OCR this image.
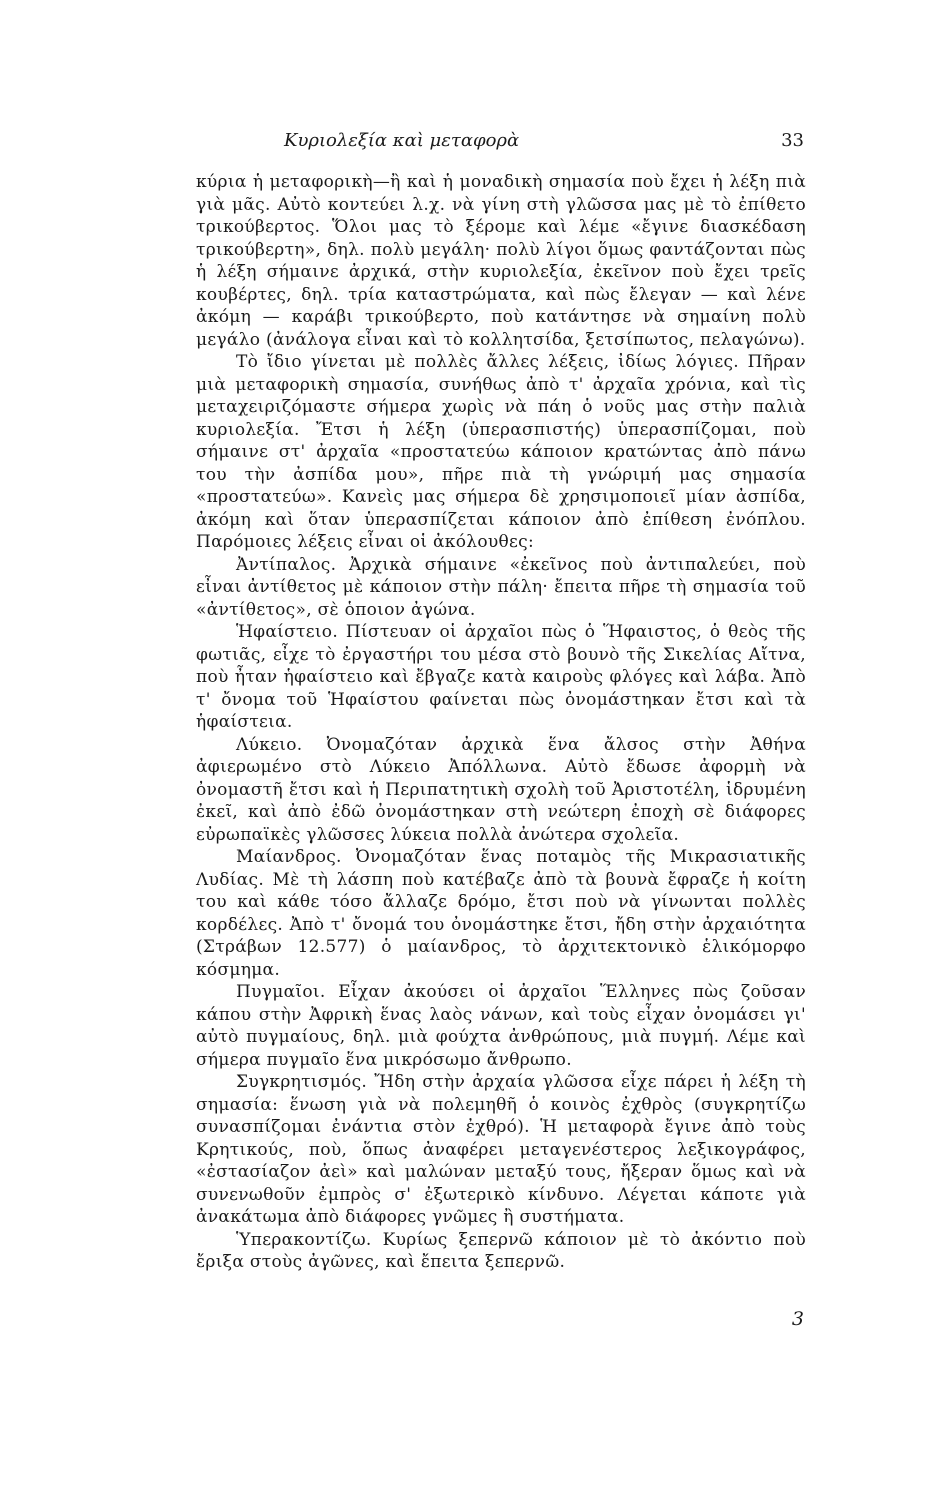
Κυριολεξία καὶ μεταφορὰ	33

κύρια ἡ μεταφορικὴ—ἢ καὶ ἡ μοναδικὴ σημασία ποὺ ἔχει ἡ λέξη πιὰ γιὰ μᾶς. Αὐτὸ κοντεύει λ.χ. νὰ γίνη στὴ γλῶσσα μας μὲ τὸ ἐπίθετο τρικούβερτος. Ὅλοι μας τὸ ξέρομε καὶ λέμε «ἔγινε διασκέδαση τρικούβερτη», δηλ. πολὺ μεγάλη· πολὺ λίγοι ὅμως φαντάζονται πὼς ἡ λέξη σήμαινε ἀρχικά, στὴν κυριολεξία, ἐκεῖνον ποὺ ἔχει τρεῖς κουβέρτες, δηλ. τρία καταστρώματα, καὶ πὼς ἔλεγαν — καὶ λένε ἀκόμη — καράβι τρικούβερτο, ποὺ κατάντησε νὰ σημαίνη πολὺ μεγάλο (ἀνάλογα εἶναι καὶ τὸ κολλητσίδα, ξετσίπωτος, πελαγώνω).

Τὸ ἴδιο γίνεται μὲ πολλὲς ἄλλες λέξεις, ἰδίως λόγιες. Πῆραν μιὰ μεταφορικὴ σημασία, συνήθως ἀπὸ τ' ἀρχαῖα χρόνια, καὶ τὶς μεταχειριζόμαστε σήμερα χωρὶς νὰ πάη ὁ νοῦς μας στὴν παλιὰ κυριολεξία. Ἔτσι ἡ λέξη (ὑπερασπιστής) ὑπερασπίζομαι, ποὺ σήμαινε στ' ἀρχαῖα «προστατεύω κάποιον κρατώντας ἀπὸ πάνω του τὴν ἀσπίδα μου», πῆρε πιὰ τὴ γνώριμή μας σημασία «προστατεύω». Κανεὶς μας σήμερα δὲ χρησιμοποιεῖ μίαν ἀσπίδα, ἀκόμη καὶ ὅταν ὑπερασπίζεται κάποιον ἀπὸ ἐπίθεση ἐνόπλου. Παρόμοιες λέξεις εἶναι οἱ ἀκόλουθες:

Ἀντίπαλος. Ἀρχικὰ σήμαινε «ἐκεῖνος ποὺ ἀντιπαλεύει, ποὺ εἶναι ἀντίθετος μὲ κάποιον στὴν πάλη· ἔπειτα πῆρε τὴ σημασία τοῦ «ἀντίθετος», σὲ ὁποιον ἀγώνα.

Ἡφαίστειο. Πίστευαν οἱ ἀρχαῖοι πὼς ὁ Ἥφαιστος, ὁ θεὸς τῆς φωτιᾶς, εἶχε τὸ ἐργαστήρι του μέσα στὸ βουνὸ τῆς Σικελίας Αἴτνα, ποὺ ἦταν ἡφαίστειο καὶ ἔβγαζε κατὰ καιροὺς φλόγες καὶ λάβα. Ἀπὸ τ' ὄνομα τοῦ Ἡφαίστου φαίνεται πὼς ὀνομάστηκαν ἔτσι καὶ τὰ ἡφαίστεια.

Λύκειο. Ὀνομαζόταν ἀρχικὰ ἕνα ἄλσος στὴν Ἀθήνα ἀφιερωμένο στὸ Λύκειο Ἀπόλλωνα. Αὐτὸ ἔδωσε ἀφορμὴ νὰ ὀνομαστῆ ἔτσι καὶ ἡ Περιπατητικὴ σχολὴ τοῦ Ἀριστοτέλη, ἱδρυμένη ἐκεῖ, καὶ ἀπὸ ἐδῶ ὀνομάστηκαν στὴ νεώτερη ἐποχὴ σὲ διάφορες εὐρωπαϊκὲς γλῶσσες λύκεια πολλὰ ἀνώτερα σχολεῖα.

Μαίανδρος. Ὀνομαζόταν ἕνας ποταμὸς τῆς Μικρασιατικῆς Λυδίας. Μὲ τὴ λάσπη ποὺ κατέβαζε ἀπὸ τὰ βουνὰ ἔφραζε ἡ κοίτη του καὶ κάθε τόσο ἄλλαζε δρόμο, ἔτσι ποὺ νὰ γίνωνται πολλὲς κορδέλες. Ἀπὸ τ' ὄνομά του ὀνομάστηκε ἔτσι, ἤδη στὴν ἀρχαιότητα (Στράβων 12.577) ὁ μαίανδρος, τὸ ἀρχιτεκτονικὸ ἑλικόμορφο κόσμημα.

Πυγμαῖοι. Εἶχαν ἀκούσει οἱ ἀρχαῖοι Ἕλληνες πὼς ζοῦσαν κάπου στὴν Ἀφρικὴ ἕνας λαὸς νάνων, καὶ τοὺς εἶχαν ὀνομάσει γι' αὐτὸ πυγμαίους, δηλ. μιὰ φούχτα ἀνθρώπους, μιὰ πυγμή. Λέμε καὶ σήμερα πυγμαῖο ἕνα μικρόσωμο ἄνθρωπο.

Συγκρητισμός. Ἤδη στὴν ἀρχαία γλῶσσα εἶχε πάρει ἡ λέξη τὴ σημασία: ἕνωση γιὰ νὰ πολεμηθῆ ὁ κοινὸς ἐχθρὸς (συγκρητίζω συνασπίζομαι ἐνάντια στὸν ἐχθρό). Ἡ μεταφορὰ ἔγινε ἀπὸ τοὺς Κρητικούς, ποὺ, ὅπως ἀναφέρει μεταγενέστερος λεξικογράφος, «ἐστασίαζον ἀεὶ» καὶ μαλώναν μεταξύ τους, ἤξεραν ὅμως καὶ νὰ συνενωθοῦν ἐμπρὸς σ' ἐξωτερικὸ κίνδυνο. Λέγεται κάποτε γιὰ ἀνακάτωμα ἀπὸ διάφορες γνῶμες ἢ συστήματα.

Ὑπερακοντίζω. Κυρίως ξεπερνῶ κάποιον μὲ τὸ ἀκόντιο ποὺ ἔριξα στοὺς ἀγῶνες, καὶ ἔπειτα ξεπερνῶ.

3
